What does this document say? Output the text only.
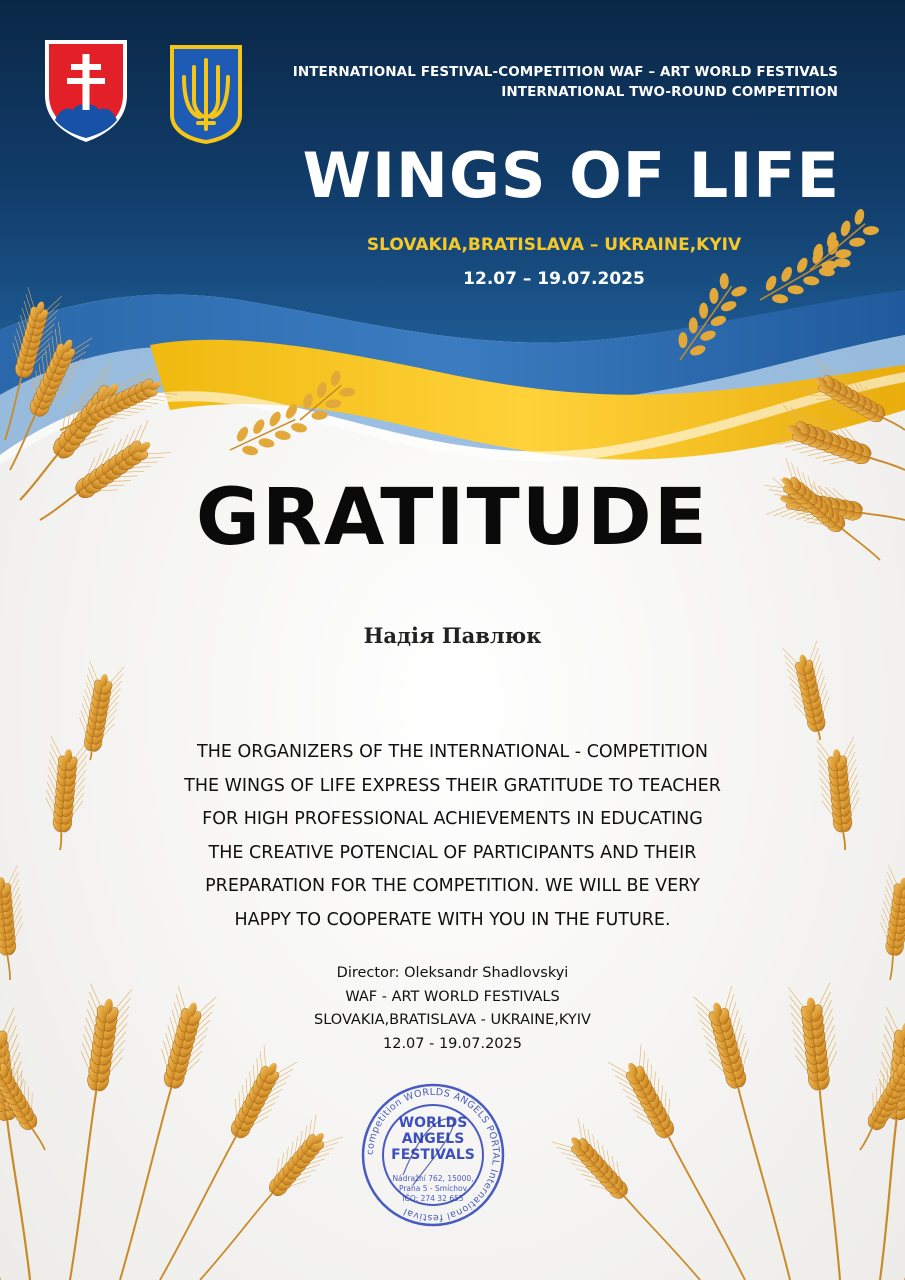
competition WORLDS ANGELS PORTAL International festival
WORLDS ANGELS FESTIVALS
Nádražní 762, 15000, Praha 5 - Smíchov IČO: 274 32 655
INTERNATIONAL FESTIVAL-COMPETITION WAF – ART WORLD FESTIVALS
INTERNATIONAL TWO-ROUND COMPETITION
WINGS OF LIFE
SLOVAKIA,BRATISLAVA – UKRAINE,KYIV
12.07 – 19.07.2025
GRATITUDE
Надія Павлюк
THE ORGANIZERS OF THE INTERNATIONAL - COMPETITION
THE WINGS OF LIFE EXPRESS THEIR GRATITUDE TO TEACHER
FOR HIGH PROFESSIONAL ACHIEVEMENTS IN EDUCATING
THE CREATIVE POTENCIAL OF PARTICIPANTS AND THEIR
PREPARATION FOR THE COMPETITION. WE WILL BE VERY
HAPPY TO COOPERATE WITH YOU IN THE FUTURE.
Director: Oleksandr Shadlovskyi
WAF - ART WORLD FESTIVALS
SLOVAKIA,BRATISLAVA - UKRAINE,KYIV
12.07 - 19.07.2025
